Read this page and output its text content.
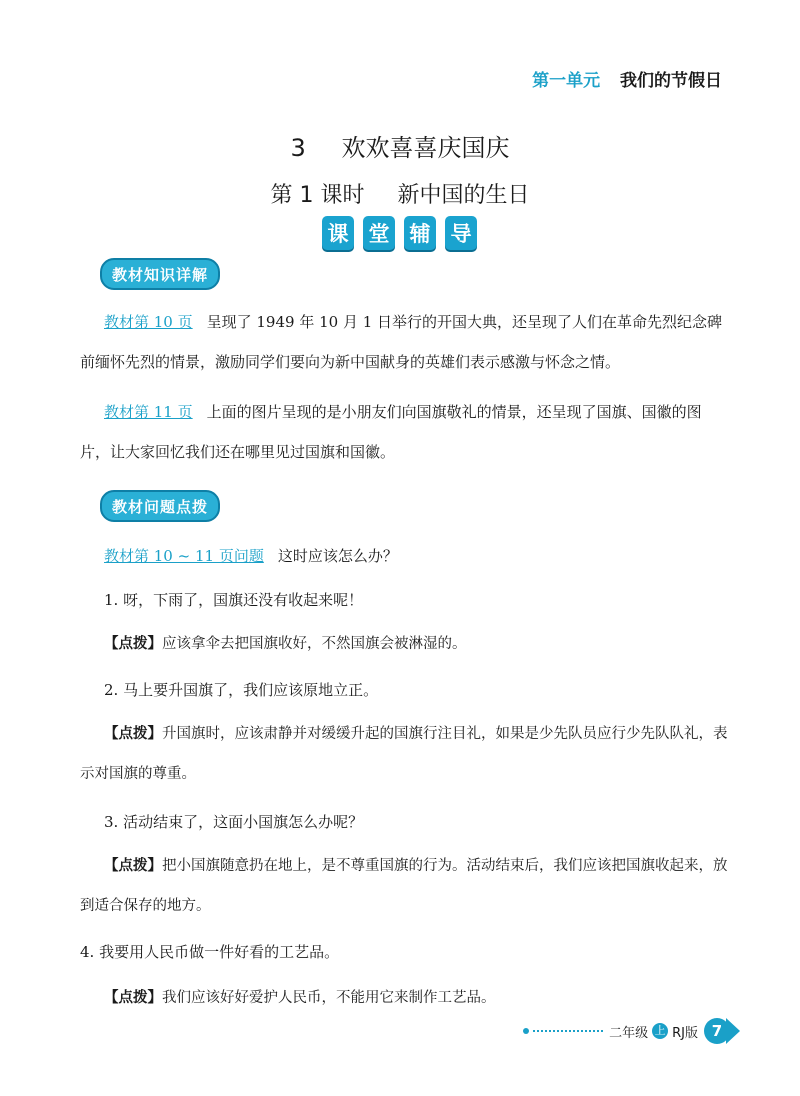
第一单元 我们的节假日
3 欢欢喜喜庆国庆
第 1 课时 新中国的生日
课 堂 辅 导
教材知识详解
教材第 10 页 呈现了 1949 年 10 月 1 日举行的开国大典，还呈现了人们在革命先烈纪念碑前缅怀先烈的情景，激励同学们要向为新中国献身的英雄们表示感激与怀念之情。
教材第 11 页 上面的图片呈现的是小朋友们向国旗敬礼的情景，还呈现了国旗、国徽的图片，让大家回忆我们还在哪里见过国旗和国徽。
教材问题点拨
教材第 10 ~ 11 页问题 这时应该怎么办？
1. 呀，下雨了，国旗还没有收起来呢！
【点拨】应该拿伞去把国旗收好，不然国旗会被淋湿的。
2. 马上要升国旗了，我们应该原地立正。
【点拨】升国旗时，应该肃静并对缓缓升起的国旗行注目礼，如果是少先队员应行少先队队礼，表示对国旗的尊重。
3. 活动结束了，这面小国旗怎么办呢？
【点拨】把小国旗随意扔在地上，是不尊重国旗的行为。活动结束后，我们应该把国旗收起来，放到适合保存的地方。
4. 我要用人民币做一件好看的工艺品。
【点拨】我们应该好好爱护人民币，不能用它来制作工艺品。
二年级 上 RJ版 7
